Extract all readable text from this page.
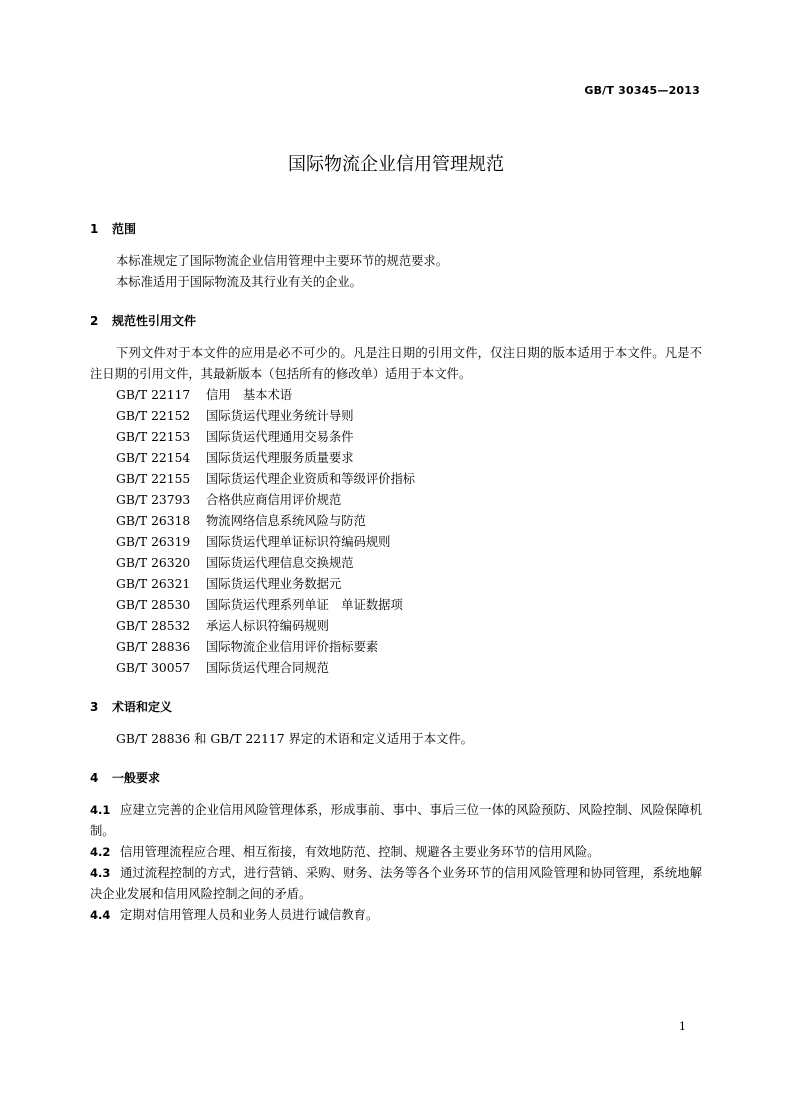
GB/T 30345—2013
国际物流企业信用管理规范
1 范围
本标准规定了国际物流企业信用管理中主要环节的规范要求。
本标准适用于国际物流及其行业有关的企业。
2 规范性引用文件
下列文件对于本文件的应用是必不可少的。凡是注日期的引用文件，仅注日期的版本适用于本文件。凡是不注日期的引用文件，其最新版本（包括所有的修改单）适用于本文件。
GB/T 22117 信用　基本术语
GB/T 22152 国际货运代理业务统计导则
GB/T 22153 国际货运代理通用交易条件
GB/T 22154 国际货运代理服务质量要求
GB/T 22155 国际货运代理企业资质和等级评价指标
GB/T 23793 合格供应商信用评价规范
GB/T 26318 物流网络信息系统风险与防范
GB/T 26319 国际货运代理单证标识符编码规则
GB/T 26320 国际货运代理信息交换规范
GB/T 26321 国际货运代理业务数据元
GB/T 28530 国际货运代理系列单证　单证数据项
GB/T 28532 承运人标识符编码规则
GB/T 28836 国际物流企业信用评价指标要素
GB/T 30057 国际货运代理合同规范
3 术语和定义
GB/T 28836 和 GB/T 22117 界定的术语和定义适用于本文件。
4 一般要求
4.1 应建立完善的企业信用风险管理体系，形成事前、事中、事后三位一体的风险预防、风险控制、风险保障机制。
4.2 信用管理流程应合理、相互衔接，有效地防范、控制、规避各主要业务环节的信用风险。
4.3 通过流程控制的方式，进行营销、采购、财务、法务等各个业务环节的信用风险管理和协同管理，系统地解决企业发展和信用风险控制之间的矛盾。
4.4 定期对信用管理人员和业务人员进行诚信教育。
1
